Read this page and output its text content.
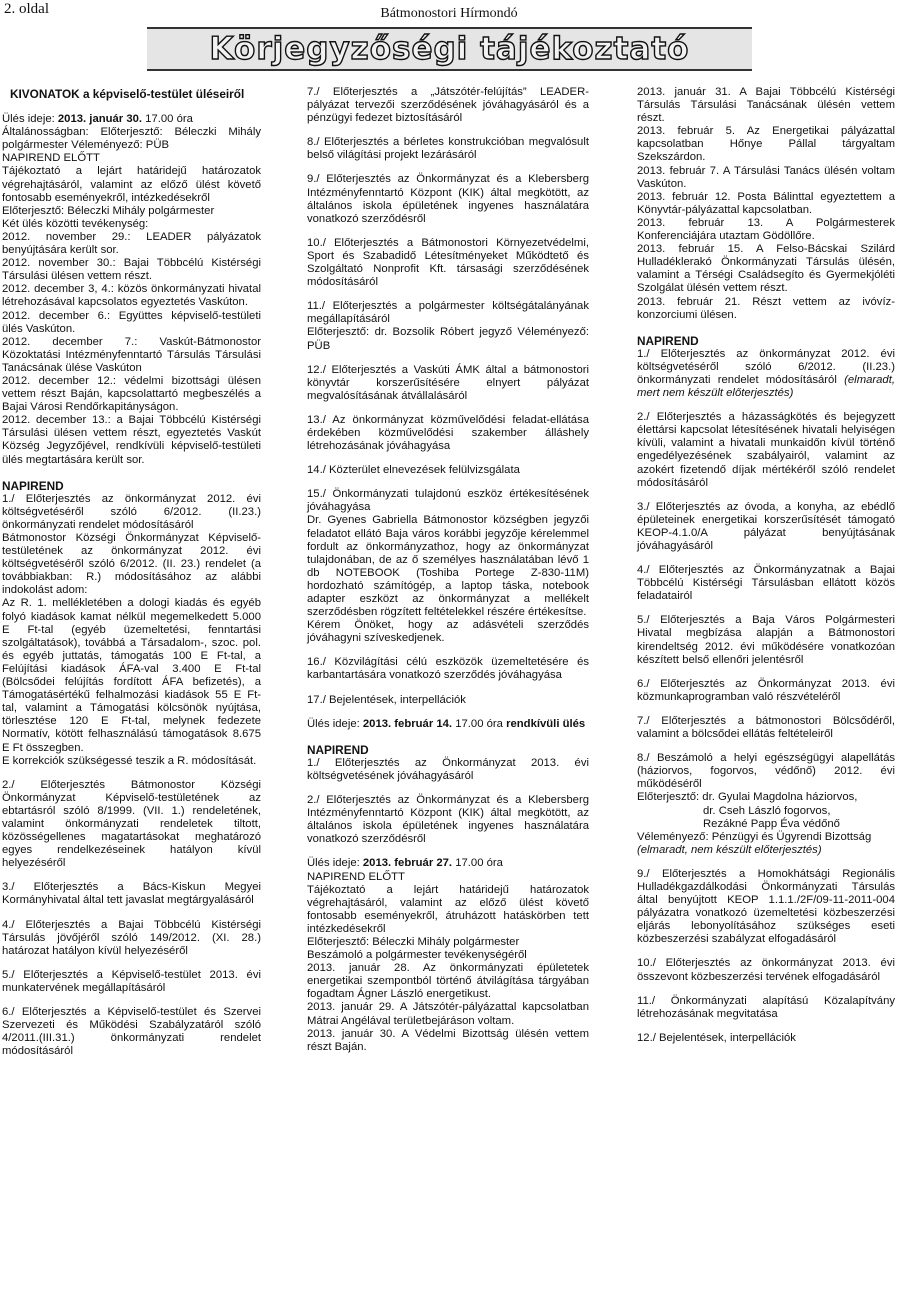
2. oldal	Bátmonostori Hírmondó
Körjegyzőségi tájékoztató

KIVONATOK a képviselő-testület üléseiről

Ülés ideje: 2013. január 30. 17.00 óra

Általánosságban: Előterjesztő: Béleczki Mihály polgármester Véleményező: PÜB

NAPIREND ELŐTT

Tájékoztató a lejárt határidejű határozatok végrehajtásáról, valamint az előző ülést követő fontosabb eseményekről, intézkedésekről

Előterjesztő: Béleczki Mihály polgármester

Két ülés közötti tevékenység:

2012. november 29.: LEADER pályázatok benyújtására került sor.

2012. november 30.: Bajai Többcélú Kistérségi Társulási ülésen vettem részt.

2012. december 3, 4.: közös önkormányzati hivatal létrehozásával kapcsolatos egyeztetés Vaskúton.

2012. december 6.: Együttes képviselő-testületi ülés Vaskúton.

2012. december 7.: Vaskút-Bátmonostor Közoktatási Intézményfenntartó Társulás Társulási Tanácsának ülése Vaskúton

2012. december 12.: védelmi bizottsági ülésen vettem részt Baján, kapcsolattartó megbeszélés a Bajai Városi Rendőrkapitányságon.

2012. december 13.: a Bajai Többcélú Kistérségi Társulási ülésen vettem részt, egyeztetés Vaskút Község Jegyzőjével, rendkívüli képviselő-testületi ülés megtartására került sor.

NAPIREND

1./ Előterjesztés az önkormányzat 2012. évi költségvetéséről szóló 6/2012. (II.23.) önkormányzati rendelet módosításáról

Bátmonostor Községi Önkormányzat Képviselő-testületének az önkormányzat 2012. évi költségvetéséről szóló 6/2012. (II. 23.) rendelet (a továbbiakban: R.) módosításához az alábbi indokolást adom:

Az R. 1. mellékletében a dologi kiadás és egyéb folyó kiadások kamat nélkül megemelkedett 5.000 E Ft-tal (egyéb üzemeltetési, fenntartási szolgáltatások), továbbá a Társadalom-, szoc. pol. és egyéb juttatás, támogatás 100 E Ft-tal, a Felújítási kiadások ÁFA-val 3.400 E Ft-tal (Bölcsődei felújítás fordított ÁFA befizetés), a Támogatásértékű felhalmozási kiadások 55 E Ft-tal, valamint a Támogatási kölcsönök nyújtása, törlesztése 120 E Ft-tal, melynek fedezete Normatív, kötött felhasználású támogatások 8.675 E Ft összegben.

E korrekciók szükségessé teszik a R. módosítását.

2./ Előterjesztés Bátmonostor Községi Önkormányzat Képviselő-testületének az ebtartásról szóló 8/1999. (VII. 1.) rendeletének, valamint önkormányzati rendeletek tiltott, közösségellenes magatartásokat meghatározó egyes rendelkezéseinek hatályon kívül helyezéséről

3./ Előterjesztés a Bács-Kiskun Megyei Kormányhivatal által tett javaslat megtárgyalásáról

4./ Előterjesztés a Bajai Többcélú Kistérségi Társulás jövőjéről szóló 149/2012. (XI. 28.) határozat hatályon kívül helyezéséről

5./ Előterjesztés a Képviselő-testület 2013. évi munkatervének megállapításáról

6./ Előterjesztés a Képviselő-testület és Szervei Szervezeti és Működési Szabályzatáról szóló 4/2011.(III.31.) önkormányzati rendelet módosításáról

7./ Előterjesztés a „Játszótér-felújítás” LEADER-pályázat tervezői szerződésének jóváhagyásáról és a pénzügyi fedezet biztosításáról

8./ Előterjesztés a bérletes konstrukcióban megvalósult belső világítási projekt lezárásáról

9./ Előterjesztés az Önkormányzat és a Klebersberg Intézményfenntartó Központ (KIK) által megkötött, az általános iskola épületének ingyenes használatára vonatkozó szerződésről

10./ Előterjesztés a Bátmonostori Környezetvédelmi, Sport és Szabadidő Létesítményeket Működtető és Szolgáltató Nonprofit Kft. társasági szerződésének módosításáról

11./ Előterjesztés a polgármester költségátalányának megállapításáról

Előterjesztő: dr. Bozsolik Róbert jegyző Véleményező: PÜB

12./ Előterjesztés a Vaskúti ÁMK által a bátmonostori könyvtár korszerűsítésére elnyert pályázat megvalósításának átvállalásáról

13./ Az önkormányzat közművelődési feladat-ellátása érdekében közművelődési szakember álláshely létrehozásának jóváhagyása

14./ Közterület elnevezések felülvizsgálata

15./ Önkormányzati tulajdonú eszköz értékesítésének jóváhagyása

Dr. Gyenes Gabriella Bátmonostor községben jegyzői feladatot ellátó Baja város korábbi jegyzője kérelemmel fordult az önkormányzathoz, hogy az önkormányzat tulajdonában, de az ő személyes használatában lévő 1 db NOTEBOOK (Toshiba Portege Z-830-11M) hordozható számítógép, a laptop táska, notebook adapter eszközt az önkormányzat a mellékelt szerződésben rögzített feltételekkel részére értékesítse.

Kérem Önöket, hogy az adásvételi szerződés jóváhagyni szíveskedjenek.

16./ Közvilágítási célú eszközök üzemeltetésére és karbantartására vonatkozó szerződés jóváhagyása

17./ Bejelentések, interpellációk

Ülés ideje: 2013. február 14. 17.00 óra rendkívüli ülés

NAPIREND

1./ Előterjesztés az Önkormányzat 2013. évi költségvetésének jóváhagyásáról

2./ Előterjesztés az Önkormányzat és a Klebersberg Intézményfenntartó Központ (KIK) által megkötött, az általános iskola épületének ingyenes használatára vonatkozó szerződésről

Ülés ideje: 2013. február 27. 17.00 óra

NAPIREND ELŐTT

Tájékoztató a lejárt határidejű határozatok végrehajtásáról, valamint az előző ülést követő fontosabb eseményekről, átruházott hatáskörben tett intézkedésekről

Előterjesztő: Béleczki Mihály polgármester

Beszámoló a polgármester tevékenységéről

2013. január 28. Az önkormányzati épületetek energetikai szempontból történő átvilágítása tárgyában fogadtam Ágner László energetikust.

2013. január 29. A Játszótér-pályázattal kapcsolatban Mátrai Angélával területbejáráson voltam.

2013. január 30. A Védelmi Bizottság ülésén vettem részt Baján.

2013. január 31. A Bajai Többcélú Kistérségi Társulás Társulási Tanácsának ülésén vettem részt.

2013. február 5. Az Energetikai pályázattal kapcsolatban Hőnye Pállal tárgyaltam Szekszárdon.

2013. február 7. A Társulási Tanács ülésén voltam Vaskúton.

2013. február 12. Posta Bálinttal egyeztettem a Könyvtár-pályázattal kapcsolatban.

2013. február 13. A Polgármesterek Konferenciájára utaztam Gödöllőre.

2013. február 15. A Felso-Bácskai Szilárd Hulladéklerakó Önkormányzati Társulás ülésén, valamint a Térségi Családsegíto és Gyermekjóléti Szolgálat ülésén vettem részt.

2013. február 21. Részt vettem az ivóvíz-konzorciumi ülésen.

NAPIREND

1./ Előterjesztés az önkormányzat 2012. évi költségvetéséről szóló 6/2012. (II.23.) önkormányzati rendelet módosításáról (elmaradt, mert nem készült előterjesztés)

2./ Előterjesztés a házasságkötés és bejegyzett élettársi kapcsolat létesítésének hivatali helyiségen kívüli, valamint a hivatali munkaidőn kívül történő engedélyezésének szabályairól, valamint az azokért fizetendő díjak mértékéről szóló rendelet módosításáról

3./ Előterjesztés az óvoda, a konyha, az ebédlő épületeinek energetikai korszerűsítését támogató KEOP-4.1.0/A pályázat benyújtásának jóváhagyásáról

4./ Előterjesztés az Önkormányzatnak a Bajai Többcélú Kistérségi Társulásban ellátott közös feladatairól

5./ Előterjesztés a Baja Város Polgármesteri Hivatal megbízása alapján a Bátmonostori kirendeltség 2012. évi működésére vonatkozóan készített belső ellenőri jelentésről

6./ Előterjesztés az Önkormányzat 2013. évi közmunkaprogramban való részvételéről

7./ Előterjesztés a bátmonostori Bölcsődéről, valamint a bölcsődei ellátás feltételeiről

8./ Beszámoló a helyi egészségügyi alapellátás (háziorvos, fogorvos, védőnő) 2012. évi működéséről

Előterjesztő: dr. Gyulai Magdolna háziorvos,

dr. Cseh László fogorvos,

Rezákné Papp Éva védőnő

Véleményező: Pénzügyi és Ügyrendi Bizottság

(elmaradt, nem készült előterjesztés)

9./ Előterjesztés a Homokhátsági Regionális Hulladékgazdálkodási Önkormányzati Társulás által benyújtott KEOP 1.1.1./2F/09-11-2011-004 pályázatra vonatkozó üzemeltetési közbeszerzési eljárás lebonyolításához szükséges eseti közbeszerzési szabályzat elfogadásáról

10./ Előterjesztés az önkormányzat 2013. évi összevont közbeszerzési tervének elfogadásáról

11./ Önkormányzati alapítású Közalapítvány létrehozásának megvitatása

12./ Bejelentések, interpellációk
